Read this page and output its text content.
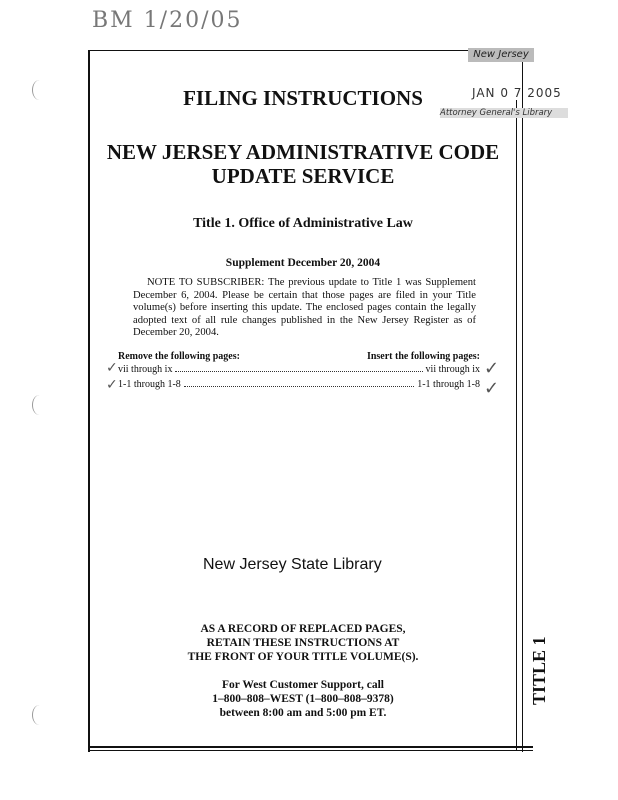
BM 1/20/05
New Jersey
JAN 0 7 2005
Attorney General's Library
FILING INSTRUCTIONS
NEW JERSEY ADMINISTRATIVE CODE
UPDATE SERVICE
Title 1. Office of Administrative Law
Supplement December 20, 2004
NOTE TO SUBSCRIBER: The previous update to Title 1 was Supplement December 6, 2004. Please be certain that those pages are filed in your Title volume(s) before inserting this update. The enclosed pages contain the legally adopted text of all rule changes published in the New Jersey Register as of December 20, 2004.
Remove the following pages:	Insert the following pages:
vii through ix	vii through ix
1-1 through 1-8	1-1 through 1-8
✓
✓
✓
✓
New Jersey State Library
AS A RECORD OF REPLACED PAGES,
RETAIN THESE INSTRUCTIONS AT
THE FRONT OF YOUR TITLE VOLUME(S).
For West Customer Support, call
1–800–808–WEST (1–800–808–9378)
between 8:00 am and 5:00 pm ET.
TITLE 1
